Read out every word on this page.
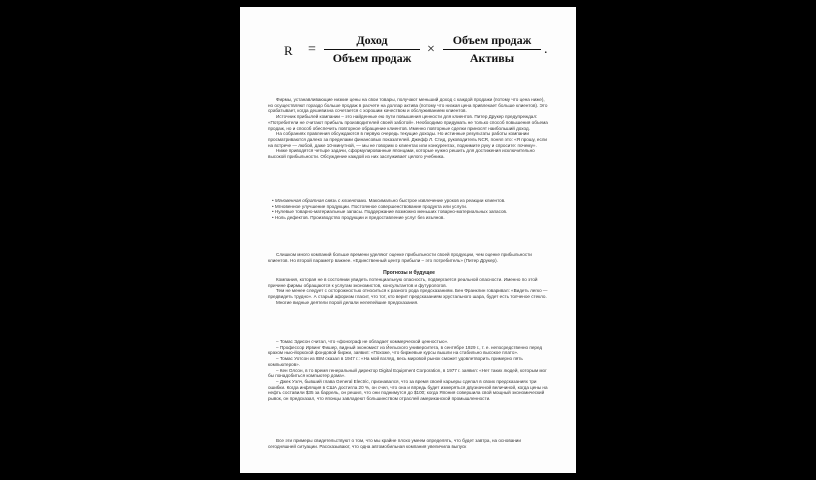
R =
Доход
Объем продаж
×
Объем продаж
Активы
.

Фирмы, устанавливающие низкие цены на свои товары, получают меньший доход с каждой продажи (потому что цена ниже), но осуществляют гораздо больше продаж в расчете на доллар актива (потому что низкая цена привлекает больше клиентов). Это срабатывает, когда дешевизна сочетается с хорошим качеством и обслуживанием клиентов.

Источник прибылей компании – это найденные ею пути повышения ценности для клиентов. Питер Друкер предупреждал: «Потребители не считают прибыль производителей своей заботой». Необходимо придумать не только способ повышения объема продаж, но и способ обеспечить повторное обращение клиентов. Именно повторные сделки приносят наибольший доход.

На собраниях правления обсуждаются в первую очередь текущие доходы. Но истинные результаты работы компании просматриваются далеко за пределами финансовых показателей. Джефф Л. Стид, руководитель NCR, понял это: «Я прошу, если на встрече — любой, даже 10-минутной, — мы не говорим о клиентах или конкурентах, поднимите руку и спросите: почему».

Ниже приводятся четыре задачи, сформулированные японцами, которые нужно решить для достижения исключительно высокой прибыльности. Обсуждение каждой из них заслуживает целого учебника.

• Мгновенная обратная связь с клиентами. Максимально быстрое извлечение уроков из реакции клиентов.
• Мгновенное улучшение продукции. Постоянное совершенствование продукта или услуги.
• Нулевые товарно-материальные запасы. Поддержание возможно меньших товарно-материальных запасов.
• Ноль дефектов. Производство продукции и предоставление услуг без изъянов.

Слишком много компаний больше времени уделяют оценке прибыльности своей продукции, чем оценке прибыльности клиентов. Но второй параметр важнее. «Единственный центр прибыли – это потребитель» (Питер Друкер).

Прогнозы и будущее

Компания, которая не в состоянии увидеть потенциальную опасность, подвергается реальной опасности. Именно по этой причине фирмы обращаются к услугам экономистов, консультантов и футурологов.

Тем не менее следует с осторожностью относиться к разного рода предсказаниям. Бен Франклин говаривал: «Видеть легко — предвидеть трудно». А старый афоризм гласит, что тот, кто верит предсказаниям хрустального шара, будет есть толченое стекло.

Многие видные деятели порой делали нелепейшие предсказания.

– Томас Эдисон считал, что «фонограф не обладает коммерческой ценностью».

– Профессор Ирвинг Фишер, видный экономист из Йельского университета, в сентябре 1929 г., т. е. непосредственно перед крахом нью-йоркской фондовой биржи, заявил: «Похоже, что биржевые курсы вышли на стабильно высокое плато».

– Томас Уотсон из IBM сказал в 1947 г.: «На мой взгляд, весь мировой рынок сможет удовлетворить примерно пять компьютеров».

– Кен Олсон, в то время генеральный директор Digital Equipment Corporation, в 1977 г. заявил: «Нет таких людей, которым мог бы понадобиться компьютер дома».

– Джек Уэлч, бывший глава General Electric, признавался, что за время своей карьеры сделал в своих предсказаниях три ошибки. Когда инфляция в США достигла 20 %, он счел, что она и впредь будет измеряться двузначной величиной, когда цены на нефть составили $35 за баррель, он решил, что они поднимутся до $100; когда Япония совершила свой мощный экономический рывок, он предсказал, что японцы завладеют большинством отраслей американской промышленности.

Все эти примеры свидетельствуют о том, что мы крайне плохо умеем определять, что будет завтра, на основании сегодняшней ситуации. Рассказывают, что одна автомобильная компания увеличила выпуск
